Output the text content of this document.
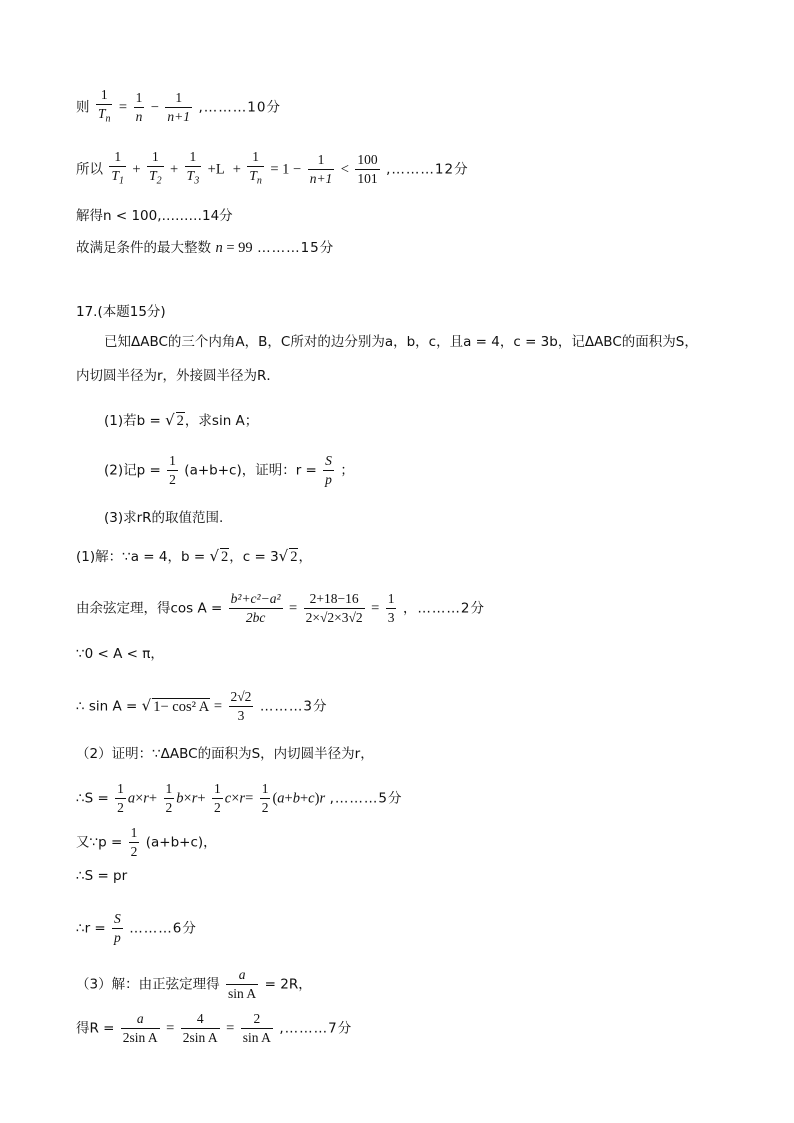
则 $\frac{1}{T_n} = \frac{1}{n} - \frac{1}{n+1}$ ,………10分
所以 $\frac{1}{T_1} + \frac{1}{T_2} + \frac{1}{T_3} +L + \frac{1}{T_n} = 1 - \frac{1}{n+1} < \frac{100}{101}$ ,………12分
解得n < 100,………14分
故满足条件的最大整数 n = 99 ………15分
17.(本题15分)
已知ΔABC的三个内角A，B，C所对的边分别为a，b，c，且a = 4，c = 3b，记ΔABC的面积为S，
内切圆半径为r，外接圆半径为R．
(1)若b = √ 2，求sin A；
(2)记$p = \frac{1}{2} (a+b+c)$，证明：$r = \frac{S}{p}$ ；
(3)求rR的取值范围.
(1)解：∵a = 4，b = √ 2，c = 3√ 2，
由余弦定理，得$\cos A = \frac{\text{b²+c²−a²}}{2bc} = \frac{2+18-16}{2\times√2\times 3√2} = \frac{1}{3}$ ，………2分
∵0 < A < π，
∴ sin A = √ 1− cos² $A = \frac{2√2}{3}$ ………3分
（2）证明：∵ΔABC的面积为S，内切圆半径为r，
∴S = $\frac{1}{2} a\times r+ \frac{1}{2} b\times r+ \frac{1}{2} c\times r= \frac{1}{2} (a+b+c)r$ ,………5分
又∵p = $\frac{1}{2} (a+b+c)$，
∴S = pr
∴r = $\frac{S}{p}$ ………6分
（3）解：由正弦定理得 $\frac{a}{\text{sin A}} = 2R$，
得$R = \frac{a}{\text{2sin A}} = \frac{4}{\text{2sin A}} = \frac{2}{\text{sin A}}$ ,………7分
